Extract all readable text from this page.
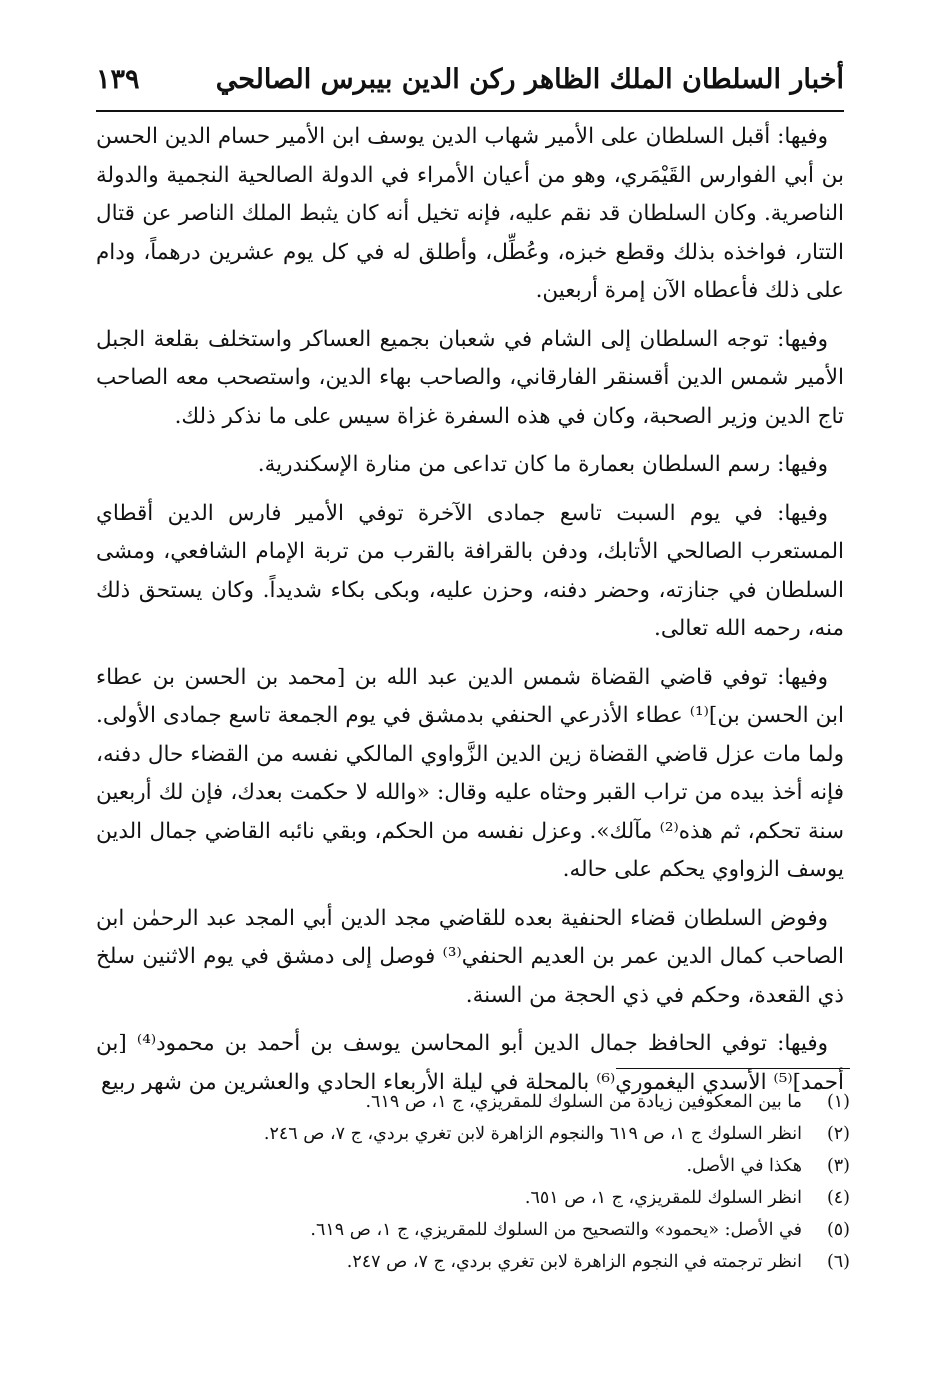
أخبار السلطان الملك الظاهر ركن الدين بيبرس الصالحي
١٣٩

وفيها: أقبل السلطان على الأمير شهاب الدين يوسف ابن الأمير حسام الدين الحسن بن أبي الفوارس القَيْمَري، وهو من أعيان الأمراء في الدولة الصالحية النجمية والدولة الناصرية. وكان السلطان قد نقم عليه، فإنه تخيل أنه كان يثبط الملك الناصر عن قتال التتار، فواخذه بذلك وقطع خبزه، وعُطِّل، وأطلق له في كل يوم عشرين درهماً، ودام على ذلك فأعطاه الآن إمرة أربعين.

وفيها: توجه السلطان إلى الشام في شعبان بجميع العساكر واستخلف بقلعة الجبل الأمير شمس الدين أقسنقر الفارقاني، والصاحب بهاء الدين، واستصحب معه الصاحب تاج الدين وزير الصحبة، وكان في هذه السفرة غزاة سيس على ما نذكر ذلك.

وفيها: رسم السلطان بعمارة ما كان تداعى من منارة الإسكندرية.

وفيها: في يوم السبت تاسع جمادى الآخرة توفي الأمير فارس الدين أقطاي المستعرب الصالحي الأتابك، ودفن بالقرافة بالقرب من تربة الإمام الشافعي، ومشى السلطان في جنازته، وحضر دفنه، وحزن عليه، وبكى بكاء شديداً. وكان يستحق ذلك منه، رحمه الله تعالى.

وفيها: توفي قاضي القضاة شمس الدين عبد الله بن [محمد بن الحسن بن عطاء ابن الحسن بن]⁽¹⁾ عطاء الأذرعي الحنفي بدمشق في يوم الجمعة تاسع جمادى الأولى. ولما مات عزل قاضي القضاة زين الدين الزَّواوي المالكي نفسه من القضاء حال دفنه، فإنه أخذ بيده من تراب القبر وحثاه عليه وقال: «والله لا حكمت بعدك، فإن لك أربعين سنة تحكم، ثم هذه⁽²⁾ مآلك». وعزل نفسه من الحكم، وبقي نائبه القاضي جمال الدين يوسف الزواوي يحكم على حاله.

وفوض السلطان قضاء الحنفية بعده للقاضي مجد الدين أبي المجد عبد الرحمٰن ابن الصاحب كمال الدين عمر بن العديم الحنفي⁽³⁾ فوصل إلى دمشق في يوم الاثنين سلخ ذي القعدة، وحكم في ذي الحجة من السنة.

وفيها: توفي الحافظ جمال الدين أبو المحاسن يوسف بن أحمد بن محمود⁽⁴⁾ [بن أحمد]⁽⁵⁾ الأسدي اليغموري⁽⁶⁾ بالمحلة في ليلة الأربعاء الحادي والعشرين من شهر ربيع

(١)
ما بين المعكوفين زيادة من السلوك للمقريزي، ج ١، ص ٦١٩.
(٢)
انظر السلوك ج ١، ص ٦١٩ والنجوم الزاهرة لابن تغري بردي، ج ٧، ص ٢٤٦.
(٣)
هكذا في الأصل.
(٤)
انظر السلوك للمقريزي، ج ١، ص ٦٥١.
(٥)
في الأصل: «يحمود» والتصحيح من السلوك للمقريزي، ج ١، ص ٦١٩.
(٦)
انظر ترجمته في النجوم الزاهرة لابن تغري بردي، ج ٧، ص ٢٤٧.
